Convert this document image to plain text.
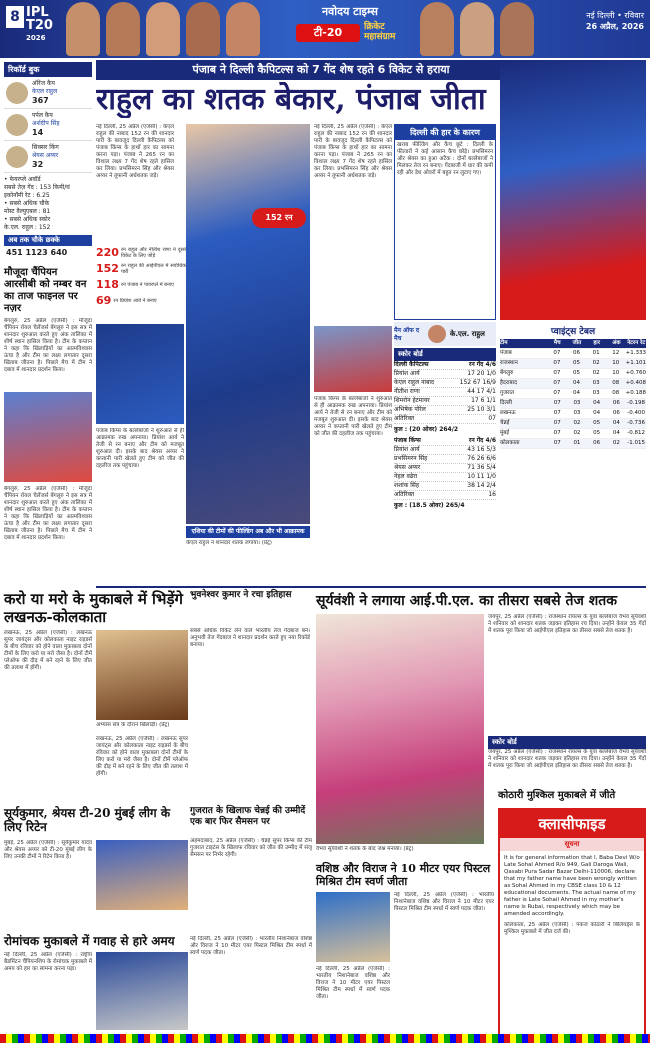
8 IPL
T20
2026
नवोदय टाइम्स
टी-20	क्रिकेट
महासंग्राम
नई दिल्ली • रविवार
26 अप्रैल, 2026
रिकॉर्ड बुक
ऑरेंज कैप
केएल राहुल
367
पर्पल कैप
अर्शदीप सिंह
14
सिक्सर किंग
श्रेयस अय्यर
32
• फेयरप्ले अवॉर्ड
सबसे तेज़ गेंद : 153 किमी/घं
इकोनॉमी रेट : 6.25
• सबसे अधिक चौके
मोस्ट वैल्युएबल : 81
• सबसे अधिक स्कोर
के.एल. राहुल : 152
अब तक चौके छक्के
451 1123 640
मौजूदा चैंपियन आरसीबी को नम्बर वन का ताज फाइनल पर नज़र
बेंगलुरु, 25 अप्रैल (एजेंसी) : मौजूदा चैंपियन रॉयल चैलेंजर्स बेंगलुरु ने इस सत्र में शानदार शुरुआत करते हुए अंक तालिका में शीर्ष स्थान हासिल किया है। टीम के कप्तान ने कहा कि खिलाड़ियों का आत्मविश्वास ऊंचा है और टीम का लक्ष्य लगातार दूसरा खिताब जीतना है। पिछले मैच में टीम ने दबाव में शानदार प्रदर्शन किया।
बेंगलुरु, 25 अप्रैल (एजेंसी) : मौजूदा चैंपियन रॉयल चैलेंजर्स बेंगलुरु ने इस सत्र में शानदार शुरुआत करते हुए अंक तालिका में शीर्ष स्थान हासिल किया है। टीम के कप्तान ने कहा कि खिलाड़ियों का आत्मविश्वास ऊंचा है और टीम का लक्ष्य लगातार दूसरा खिताब जीतना है। पिछले मैच में टीम ने दबाव में शानदार प्रदर्शन किया।
पंजाब ने दिल्ली कैपिटल्स को 7 गेंद शेष रहते 6 विकेट से हराया
राहुल का शतक बेकार, पंजाब जीता
नई दिल्ली, 25 अप्रैल (एजेंसी) : केएल राहुल की नाबाद 152 रन की शानदार पारी के बावजूद दिल्ली कैपिटल्स को पंजाब किंग्स के हाथों हार का सामना करना पड़ा। पंजाब ने 265 रन का विशाल लक्ष्य 7 गेंद शेष रहते हासिल कर लिया। प्रभसिमरन सिंह और श्रेयस अय्यर ने तूफानी अर्धशतक जड़े।
220 रन राहुल और नीतीश राणा ने दूसरे विकेट के लिए जोड़े
152 रन राहुल की आईपीएल में सर्वाधिक पारी
118 रन पंजाब ने पावरप्ले में बनाए
69 रन प्रियांश आर्य ने बनाए
152 रन
पंजाब किंग्स के बल्लेबाजों ने शुरुआत से ही आक्रामक रुख अपनाया। प्रियांश आर्य ने तेजी से रन बनाए और टीम को मजबूत शुरुआत दी। इसके बाद श्रेयस अय्यर ने कप्तानी पारी खेलते हुए टीम को जीत की दहलीज तक पहुंचाया।
एशिया की टीमों की फील्डिंग अब और भी आक्रामक
केएल राहुल ने शानदार शतक लगाया। (प्रेट्र)
नई दिल्ली, 25 अप्रैल (एजेंसी) : केएल राहुल की नाबाद 152 रन की शानदार पारी के बावजूद दिल्ली कैपिटल्स को पंजाब किंग्स के हाथों हार का सामना करना पड़ा। पंजाब ने 265 रन का विशाल लक्ष्य 7 गेंद शेष रहते हासिल कर लिया। प्रभसिमरन सिंह और श्रेयस अय्यर ने तूफानी अर्धशतक जड़े।
पंजाब किंग्स के बल्लेबाजों ने शुरुआत से ही आक्रामक रुख अपनाया। प्रियांश आर्य ने तेजी से रन बनाए और टीम को मजबूत शुरुआत दी। इसके बाद श्रेयस अय्यर ने कप्तानी पारी खेलते हुए टीम को जीत की दहलीज तक पहुंचाया।
दिल्ली की हार के कारण
खराब फील्डिंग और कैच छूटे : दिल्ली के फील्डरों ने कई आसान कैच छोड़े। प्रभसिमरन और श्रेयस का हुआ अटैक : दोनों बल्लेबाजों ने मिलकर तेज रन बनाए। गेंदबाजी में धार की कमी रही और डेथ ओवरों में बहुत रन लुटाए गए।
मैन ऑफ द मैच
के.एल. राहुल
स्कोर बोर्ड
दिल्ली कैपिटल्स	रन गेंद 4/6
प्रियांश आर्य	17 20 1/0
केएल राहुल नाबाद	152 67 16/9
नीतीश राणा	44 17 4/1
शिमरोन हेटमायर	17 6 1/1
अभिषेक पोरेल	25 10 3/1
अतिरिक्त	07
कुल : (20 ओवर) 264/2
पंजाब किंग्स	रन गेंद 4/6
प्रियांश आर्य	43 16 5/3
प्रभसिमरन सिंह	76 26 6/6
श्रेयस अय्यर	71 36 5/4
नेहल वढेरा	10 11 1/0
शशांक सिंह	38 14 2/4
अतिरिक्त	16
कुल : (18.5 ओवर) 265/4
प्वाइंट्स टेबल
टीम	मैच	जीत	हार	अंक	नेटरन रेट
पंजाब	07	06	01	12	+1.333
राजस्थान	07	05	02	10	+1.101
बेंगलुरु	07	05	02	10	+0.760
हैदराबाद	07	04	03	08	+0.408
गुजरात	07	04	03	08	+0.188
दिल्ली	07	03	04	06	-0.198
लखनऊ	07	03	04	06	-0.400
चेन्नई	07	02	05	04	-0.736
मुंबई	07	02	05	04	-0.812
कोलकाता	07	01	06	02	-1.015
करो या मरो के मुकाबले में भिड़ेंगे लखनऊ-कोलकाता
लखनऊ, 25 अप्रैल (एजेंसी) : लखनऊ सुपर जायंट्स और कोलकाता नाइट राइडर्स के बीच रविवार को होने वाला मुकाबला दोनों टीमों के लिए करो या मरो जैसा है। दोनों टीमें प्लेऑफ की दौड़ में बने रहने के लिए जीत की तलाश में होंगी।
अभ्यास सत्र के दौरान खिलाड़ी। (प्रेट्र)
लखनऊ, 25 अप्रैल (एजेंसी) : लखनऊ सुपर जायंट्स और कोलकाता नाइट राइडर्स के बीच रविवार को होने वाला मुकाबला दोनों टीमों के लिए करो या मरो जैसा है। दोनों टीमें प्लेऑफ की दौड़ में बने रहने के लिए जीत की तलाश में होंगी।
भुवनेश्वर कुमार ने रचा इतिहास
सबसे अधिक विकेट लेने वाले भारतीय तेज गेंदबाज बने। अनुभवी तेज गेंदबाज ने शानदार प्रदर्शन करते हुए नया रिकॉर्ड बनाया।
सूर्यवंशी ने लगाया आई.पी.एल. का तीसरा सबसे तेज शतक
वैभव सूर्यवंशी ने शतक के बाद जश्न मनाया। (प्रेट्र)
जयपुर, 25 अप्रैल (एजेंसी) : राजस्थान रॉयल्स के युवा बल्लेबाज वैभव सूर्यवंशी ने शनिवार को शानदार शतक जड़कर इतिहास रच दिया। उन्होंने केवल 35 गेंदों में शतक पूरा किया जो आईपीएल इतिहास का तीसरा सबसे तेज शतक है।
स्कोर बोर्ड
जयपुर, 25 अप्रैल (एजेंसी) : राजस्थान रॉयल्स के युवा बल्लेबाज वैभव सूर्यवंशी ने शनिवार को शानदार शतक जड़कर इतिहास रच दिया। उन्होंने केवल 35 गेंदों में शतक पूरा किया जो आईपीएल इतिहास का तीसरा सबसे तेज शतक है।
सूर्यकुमार, श्रेयस टी-20 मुंबई लीग के लिए रिटेन
मुंबई, 25 अप्रैल (एजेंसी) : सूर्यकुमार यादव और श्रेयस अय्यर को टी-20 मुंबई लीग के लिए उनकी टीमों ने रिटेन किया है।
गुजरात के खिलाफ चेन्नई की उम्मीदें एक बार फिर सैमसन पर
अहमदाबाद, 25 अप्रैल (एजेंसी) : चेन्नई सुपर किंग्स की टीम गुजरात टाइटंस के खिलाफ रविवार को जीत की उम्मीद में संजू सैमसन पर निर्भर रहेगी।
रोमांचक मुकाबले में गवाह से हारे अमय
नई दिल्ली, 25 अप्रैल (एजेंसी) : राष्ट्रीय बैडमिंटन चैंपियनशिप के रोमांचक मुकाबले में अमय को हार का सामना करना पड़ा।
नई दिल्ली, 25 अप्रैल (एजेंसी) : भारतीय निशानेबाज वशिष्ठ और विराज ने 10 मीटर एयर पिस्टल मिश्रित टीम स्पर्धा में स्वर्ण पदक जीता।
वशिष्ठ और विराज ने 10 मीटर एयर पिस्टल मिश्रित टीम स्वर्ण जीता
नई दिल्ली, 25 अप्रैल (एजेंसी) : भारतीय निशानेबाज वशिष्ठ और विराज ने 10 मीटर एयर पिस्टल मिश्रित टीम स्पर्धा में स्वर्ण पदक जीता।
नई दिल्ली, 25 अप्रैल (एजेंसी) : भारतीय निशानेबाज वशिष्ठ और विराज ने 10 मीटर एयर पिस्टल मिश्रित टीम स्पर्धा में स्वर्ण पदक जीता।
कोठारी मुश्किल मुकाबले में जीते
क्लासीफाइड
सूचना
It is for general information that I, Baba Devi W/o Late Sohal Ahmed R/o 949, Gali Daroga Wali, Qasabi Pura Sadar Bazar Delhi-110006, declare that my father name have been wrongly written as Sohal Ahmed in my CBSE class 10 & 12 educational documents. The actual name of my father is Late Sohail Ahmed in my mother's name is Rubai, respectively which may be amended accordingly.
कोलकाता, 25 अप्रैल (एजेंसी) : पंकज कोठारी ने बिलियर्ड्स के मुश्किल मुकाबले में जीत दर्ज की।
